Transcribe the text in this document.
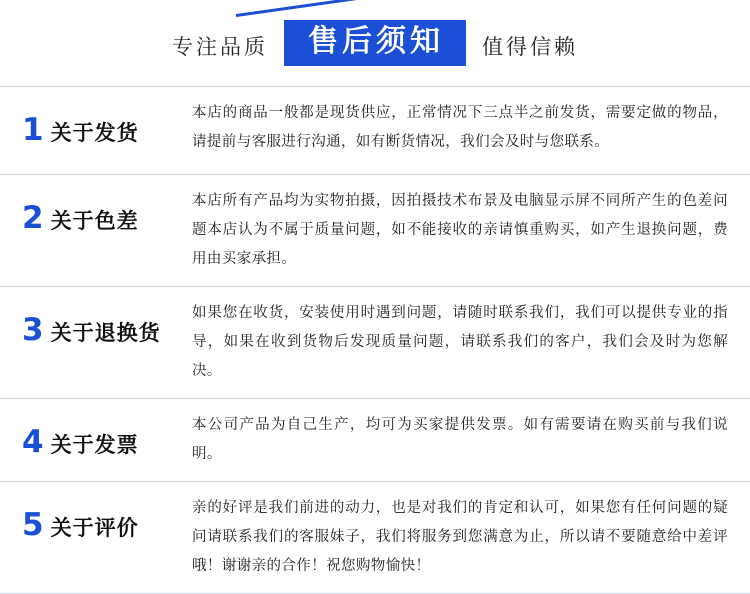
专注品质	售后须知	值得信赖
1 关于发货
本店的商品一般都是现货供应，正常情况下三点半之前发货，需要定做的物品，请提前与客服进行沟通，如有断货情况，我们会及时与您联系。
2 关于色差
本店所有产品均为实物拍摄，因拍摄技术布景及电脑显示屏不同所产生的色差问题本店认为不属于质量问题，如不能接收的亲请慎重购买，如产生退换问题，费用由买家承担。
3 关于退换货
如果您在收货，安装使用时遇到问题，请随时联系我们，我们可以提供专业的指导，如果在收到货物后发现质量问题，请联系我们的客户，我们会及时为您解决。
4 关于发票
本公司产品为自己生产，均可为买家提供发票。如有需要请在购买前与我们说明。
5 关于评价
亲的好评是我们前进的动力，也是对我们的肯定和认可，如果您有任何问题的疑问请联系我们的客服妹子，我们将服务到您满意为止，所以请不要随意给中差评哦！谢谢亲的合作！祝您购物愉快！
